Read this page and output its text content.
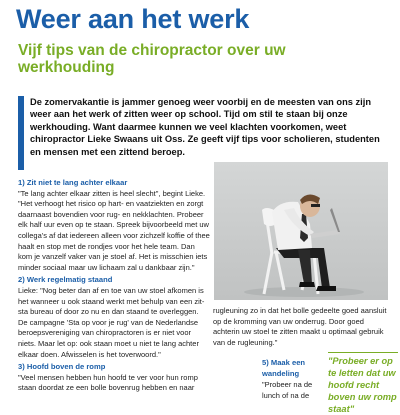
Weer aan het werk
Vijf tips van de chiropractor over uw werkhouding

De zomervakantie is jammer genoeg weer voorbij en de meesten van ons zijn weer aan het werk of zitten weer op school. Tijd om stil te staan bij onze werkhouding. Want daarmee kunnen we veel klachten voorkomen, weet chiropractor Lieke Swaans uit Oss. Ze geeft vijf tips voor scholieren, studenten en mensen met een zittend beroep.

1) Zit niet te lang achter elkaar

"Te lang achter elkaar zitten is heel slecht", begint Lieke. "Het verhoogt het risico op hart- en vaatziekten en zorgt daarnaast bovendien voor rug- en nekklachten. Probeer elk half uur even op te staan. Spreek bijvoorbeeld met uw collega's af dat iedereen alleen voor zichzelf koffie of thee haalt en stop met de rondjes voor het hele team. Dan kom je vanzelf vaker van je stoel af. Het is misschien iets minder sociaal maar uw lichaam zal u dankbaar zijn."

2) Werk regelmatig staand

Lieke: "Nog beter dan af en toe van uw stoel afkomen is het wanneer u ook staand werkt met behulp van een zit-sta bureau of door zo nu en dan staand te overleggen. De campagne 'Sta op voor je rug' van de Nederlandse beroepsvereniging van chiropractoren is er niet voor niets. Maar let op: ook staan moet u niet te lang achter elkaar doen. Afwisselen is het toverwoord."

3) Hoofd boven de romp

"Veel mensen hebben hun hoofd te ver voor hun romp staan doordat ze een bolle bovenrug hebben en naar

rugleuning zo in dat het bolle gedeelte goed aansluit op de kromming van uw onderrug. Door goed achterin uw stoel te zitten maakt u optimaal gebruik van de rugleuning."

5) Maak een wandeling
"Probeer na de lunch of na de
"Probeer er op te letten dat uw hoofd recht boven uw romp staat"
